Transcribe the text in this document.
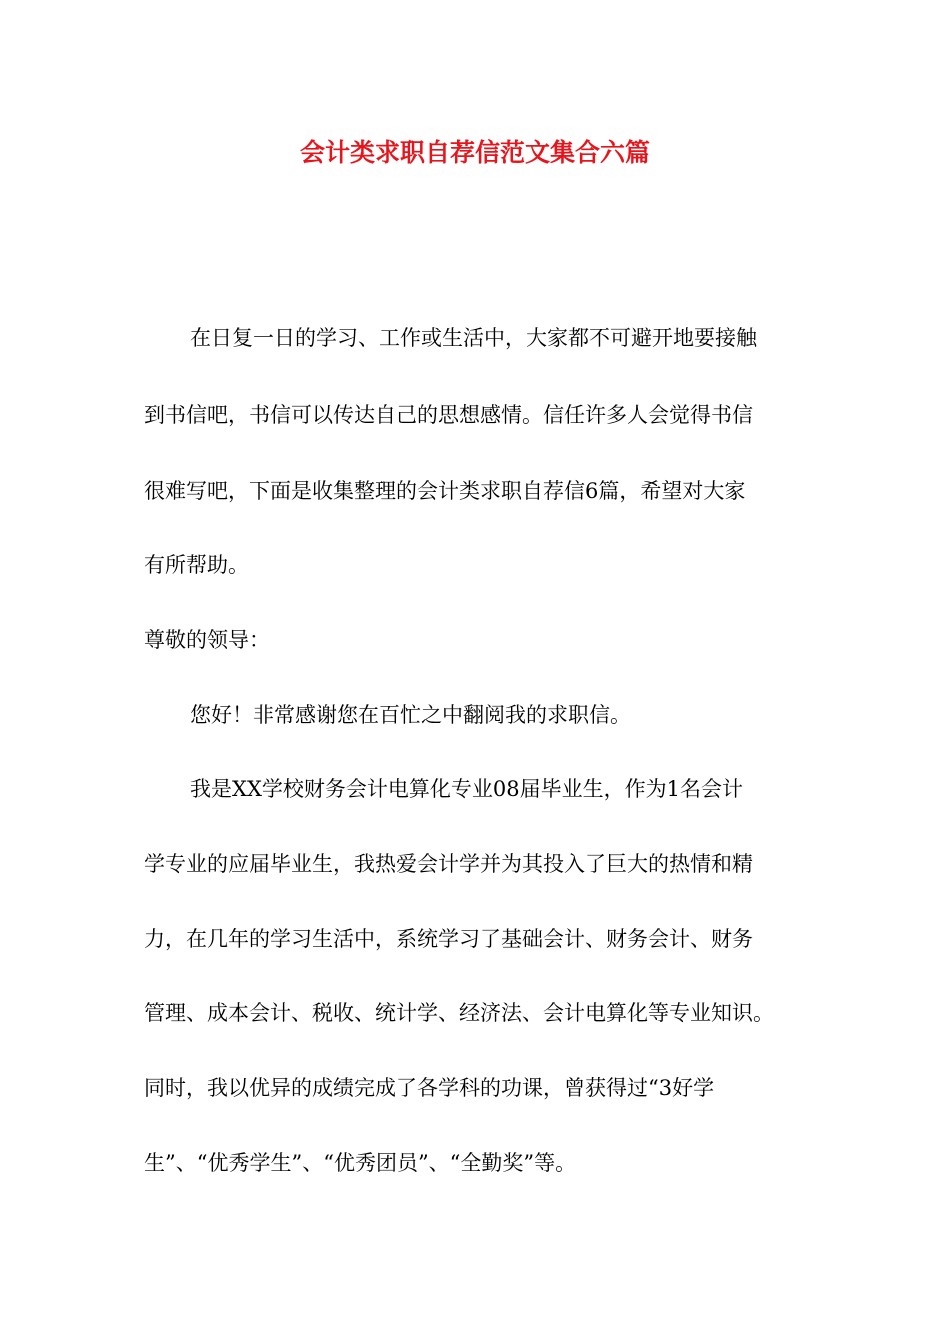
会计类求职自荐信范文集合六篇
在日复一日的学习、工作或生活中，大家都不可避开地要接触
到书信吧，书信可以传达自己的思想感情。信任许多人会觉得书信
很难写吧，下面是收集整理的会计类求职自荐信6篇，希望对大家
有所帮助。
尊敬的领导：
您好！非常感谢您在百忙之中翻阅我的求职信。
我是XX学校财务会计电算化专业08届毕业生，作为1名会计
学专业的应届毕业生，我热爱会计学并为其投入了巨大的热情和精
力，在几年的学习生活中，系统学习了基础会计、财务会计、财务
管理、成本会计、税收、统计学、经济法、会计电算化等专业知识。
同时，我以优异的成绩完成了各学科的功课，曾获得过“3好学
生”、“优秀学生”、“优秀团员”、“全勤奖”等。
